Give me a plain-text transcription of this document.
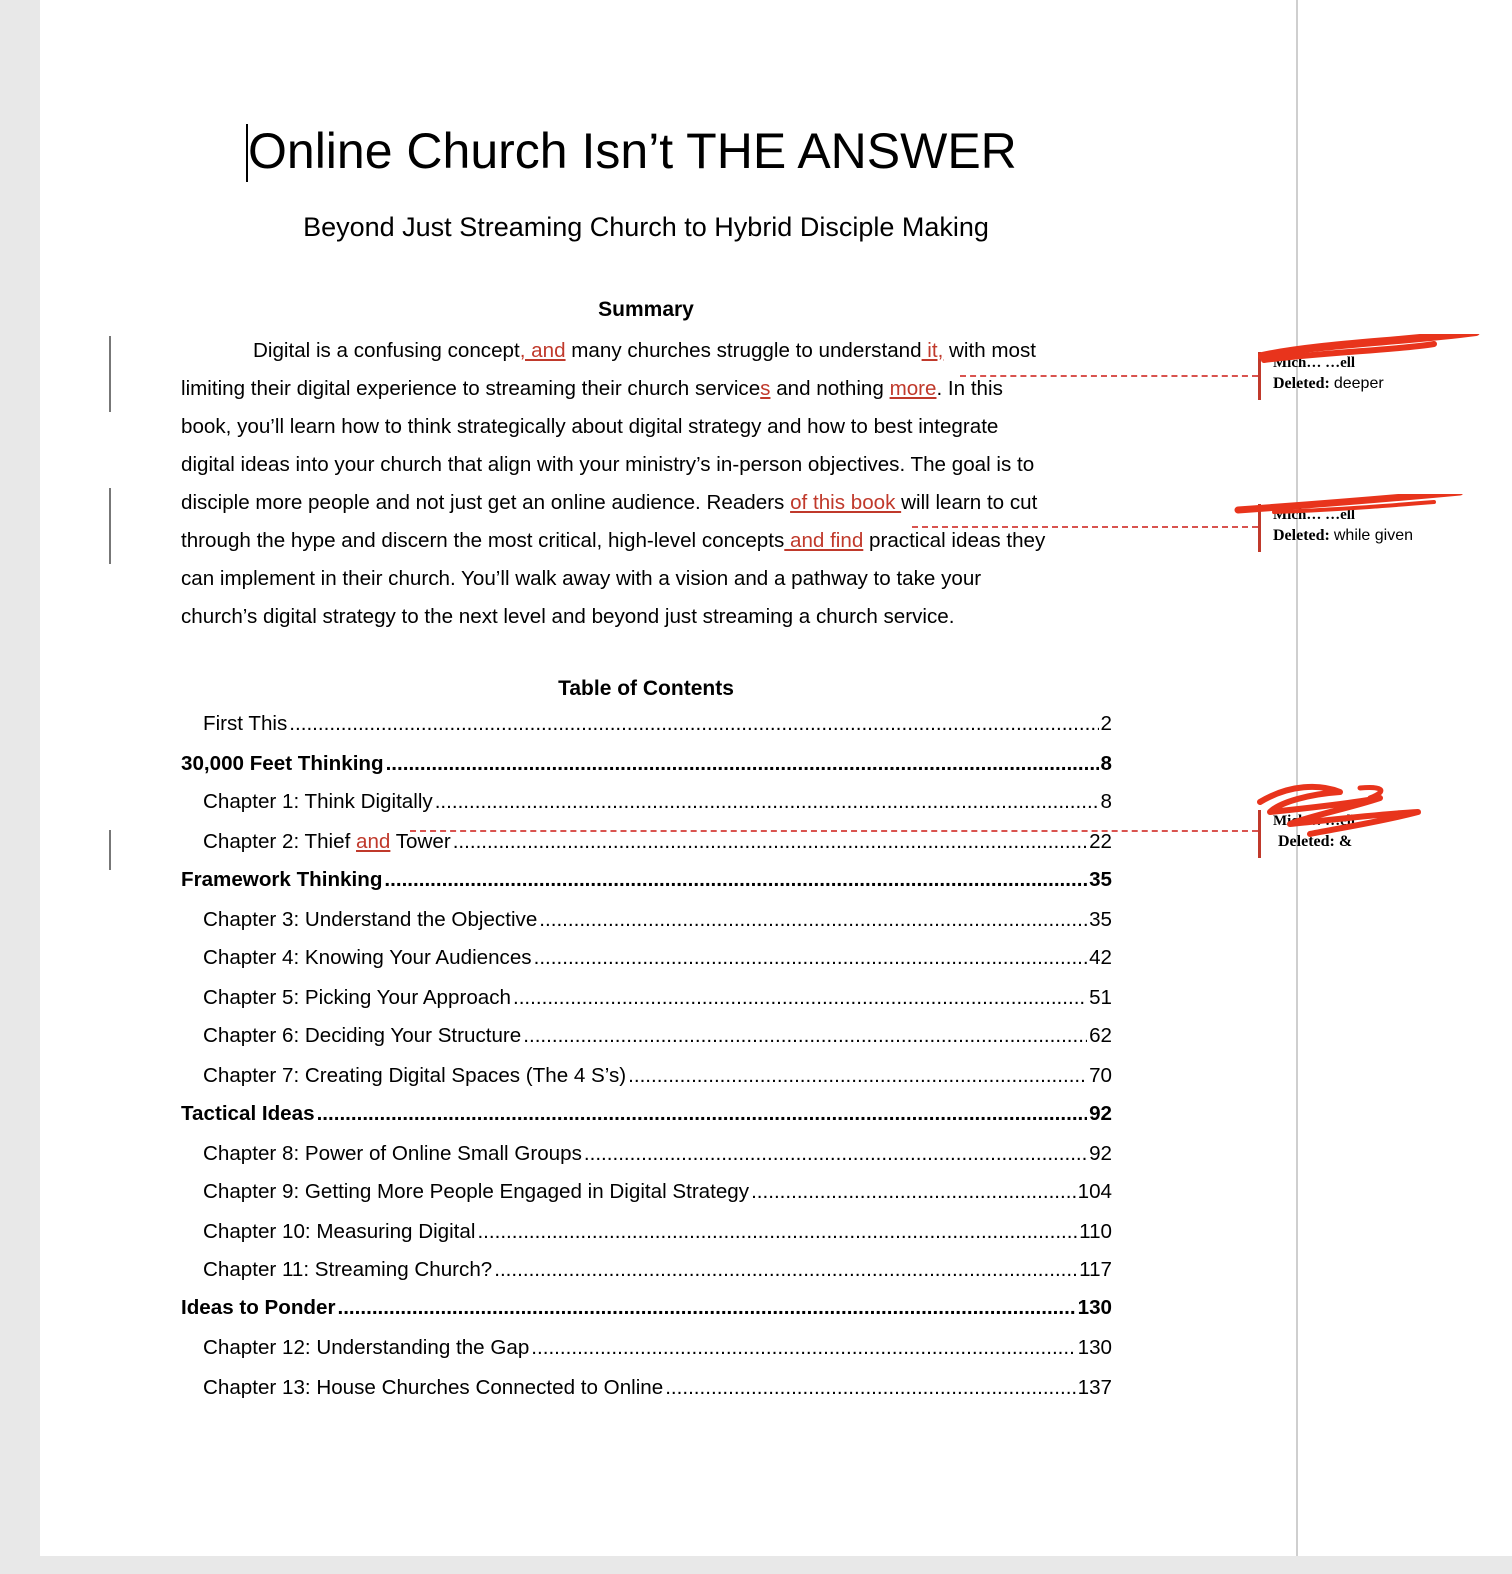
Online Church Isn’t THE ANSWER
Beyond Just Streaming Church to Hybrid Disciple Making
Summary
Digital is a confusing concept, and many churches struggle to understand it, with most
limiting their digital experience to streaming their church services and nothing more. In this
book, you’ll learn how to think strategically about digital strategy and how to best integrate
digital ideas into your church that align with your ministry’s in-person objectives. The goal is to
disciple more people and not just get an online audience. Readers of this book will learn to cut
through the hype and discern the most critical, high-level concepts and find practical ideas they
can implement in their church. You’ll walk away with a vision and a pathway to take your
church’s digital strategy to the next level and beyond just streaming a church service.
Table of Contents
Mich… …ell
Deleted: deeper
Mich… …ell
Deleted: while given
Mich… …ell
Deleted: &
First This .....	2
30,000 Feet Thinking .....	8
Chapter 1: Think Digitally .....	8
Chapter 2: Thief and Tower .....	22
Framework Thinking .....	35
Chapter 3: Understand the Objective .....	35
Chapter 4: Knowing Your Audiences .....	42
Chapter 5: Picking Your Approach .....	51
Chapter 6: Deciding Your Structure .....	62
Chapter 7: Creating Digital Spaces (The 4 S’s) .....	70
Tactical Ideas .....	92
Chapter 8: Power of Online Small Groups .....	92
Chapter 9: Getting More People Engaged in Digital Strategy .....	104
Chapter 10: Measuring Digital .....	110
Chapter 11: Streaming Church? .....	117
Ideas to Ponder .....	130
Chapter 12: Understanding the Gap .....	130
Chapter 13: House Churches Connected to Online .....	137
